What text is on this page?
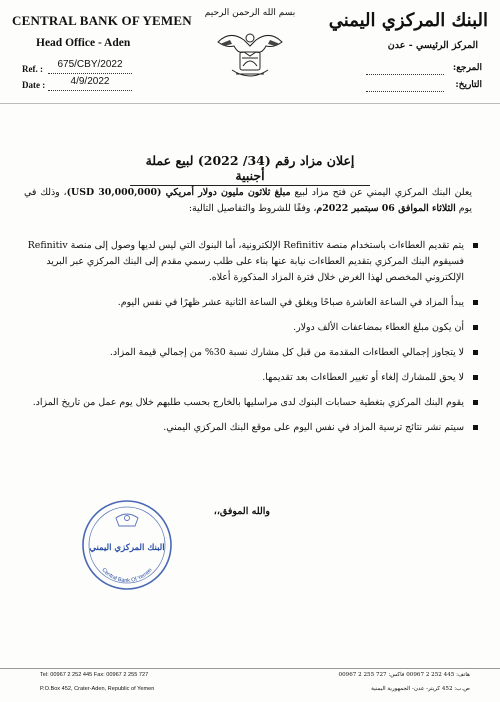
CENTRAL BANK OF YEMEN
Head Office - Aden
Ref. :	675/CBY/2022
Date :	4/9/2022
بسم الله الرحمن الرحيم البنك المركزي اليمني
المركز الرئيسي - عدن
المرجع:
التاريخ:
إعلان مزاد رقم (34/ 2022) لبيع عملة أجنبية
يعلن البنك المركزي اليمني عن فتح مزاد لبيع مبلغ ثلاثون مليون دولار أمريكي (30,000,000 USD)، وذلك في يوم الثلاثاء الموافق 06 سبتمبر 2022م، وفقًا للشروط والتفاصيل التالية:
يتم تقديم العطاءات باستخدام منصة Refinitiv الإلكترونية، أما البنوك التي ليس لديها وصول إلى منصة Refinitiv فسيقوم البنك المركزي بتقديم العطاءات نيابة عنها بناء على طلب رسمي مقدم إلى البنك المركزي عبر البريد الإلكتروني المخصص لهذا الغرض خلال فترة المزاد المذكورة أعلاه.
يبدأ المزاد في الساعة العاشرة صباحًا ويغلق في الساعة الثانية عشر ظهرًا في نفس اليوم.
أن يكون مبلغ العطاء بمضاعفات الألف دولار.
لا يتجاوز إجمالي العطاءات المقدمة من قبل كل مشارك نسبة 30% من إجمالي قيمة المزاد.
لا يحق للمشارك إلغاء أو تغيير العطاءات بعد تقديمها.
يقوم البنك المركزي بتغطية حسابات البنوك لدى مراسليها بالخارج بحسب طلبهم خلال يوم عمل من تاريخ المزاد.
سيتم نشر نتائج ترسية المزاد في نفس اليوم على موقع البنك المركزي اليمني.
والله الموفق،،
البنك المركزي اليمني
Central Bank Of Yemen
Tel: 00967 2 252 445 Fax: 00967 2 255 727
P.O.Box 452, Crater-Aden, Republic of Yemen
هاتف: 445 252 2 00967 فاكس: 727 255 2 00967
ص.ب: 452 كريتر- عدن- الجمهورية اليمنية
